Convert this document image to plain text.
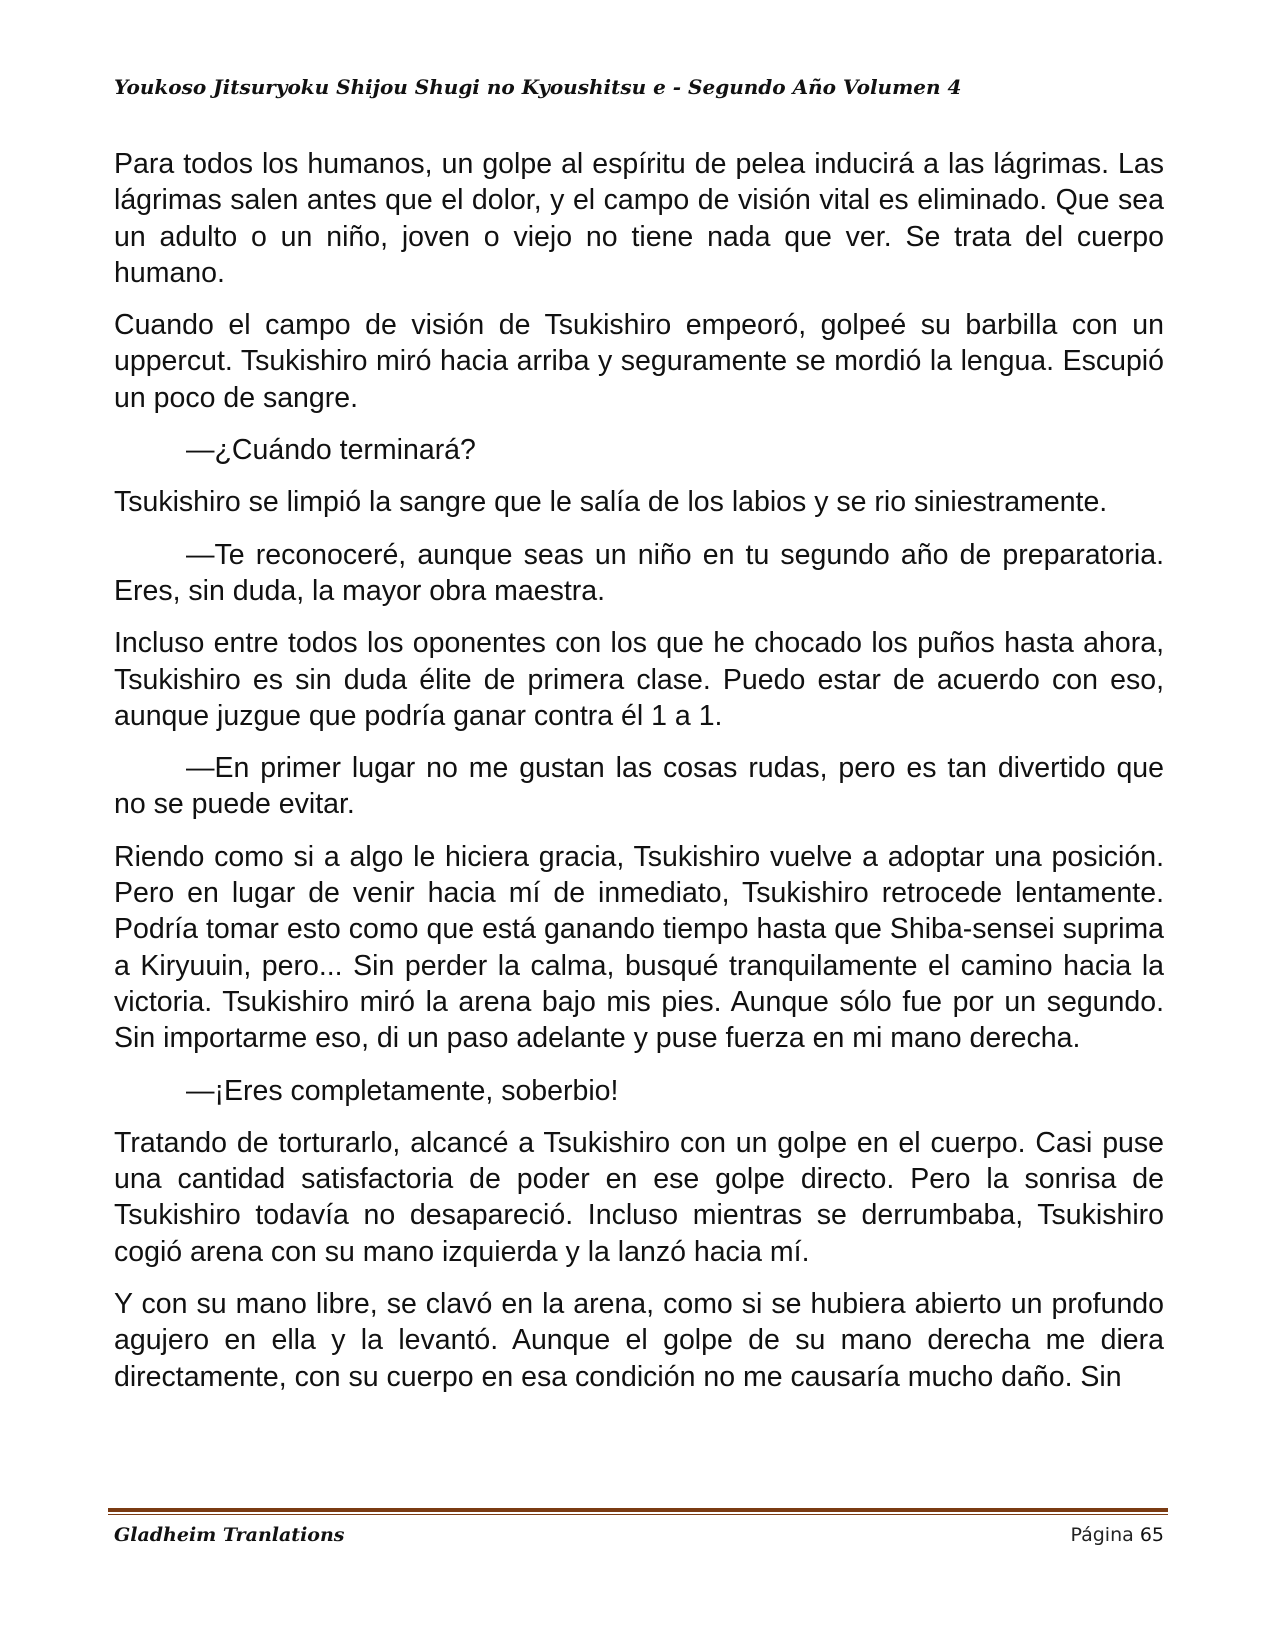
Youkoso Jitsuryoku Shijou Shugi no Kyoushitsu e - Segundo Año Volumen 4

Para todos los humanos, un golpe al espíritu de pelea inducirá a las lágrimas. Las lágrimas salen antes que el dolor, y el campo de visión vital es eliminado. Que sea un adulto o un niño, joven o viejo no tiene nada que ver. Se trata del cuerpo humano.

Cuando el campo de visión de Tsukishiro empeoró, golpeé su barbilla con un uppercut. Tsukishiro miró hacia arriba y seguramente se mordió la lengua. Escupió un poco de sangre.

—¿Cuándo terminará?

Tsukishiro se limpió la sangre que le salía de los labios y se rio siniestramente.

—Te reconoceré, aunque seas un niño en tu segundo año de preparatoria. Eres, sin duda, la mayor obra maestra.

Incluso entre todos los oponentes con los que he chocado los puños hasta ahora, Tsukishiro es sin duda élite de primera clase. Puedo estar de acuerdo con eso, aunque juzgue que podría ganar contra él 1 a 1.

—En primer lugar no me gustan las cosas rudas, pero es tan divertido que no se puede evitar.

Riendo como si a algo le hiciera gracia, Tsukishiro vuelve a adoptar una posición. Pero en lugar de venir hacia mí de inmediato, Tsukishiro retrocede lentamente. Podría tomar esto como que está ganando tiempo hasta que Shiba-sensei suprima a Kiryuuin, pero... Sin perder la calma, busqué tranquilamente el camino hacia la victoria. Tsukishiro miró la arena bajo mis pies. Aunque sólo fue por un segundo. Sin importarme eso, di un paso adelante y puse fuerza en mi mano derecha.

—¡Eres completamente, soberbio!

Tratando de torturarlo, alcancé a Tsukishiro con un golpe en el cuerpo. Casi puse una cantidad satisfactoria de poder en ese golpe directo. Pero la sonrisa de Tsukishiro todavía no desapareció. Incluso mientras se derrumbaba, Tsukishiro cogió arena con su mano izquierda y la lanzó hacia mí.

Y con su mano libre, se clavó en la arena, como si se hubiera abierto un profundo agujero en ella y la levantó. Aunque el golpe de su mano derecha me diera directamente, con su cuerpo en esa condición no me causaría mucho daño. Sin

Gladheim Tranlations	Página 65
